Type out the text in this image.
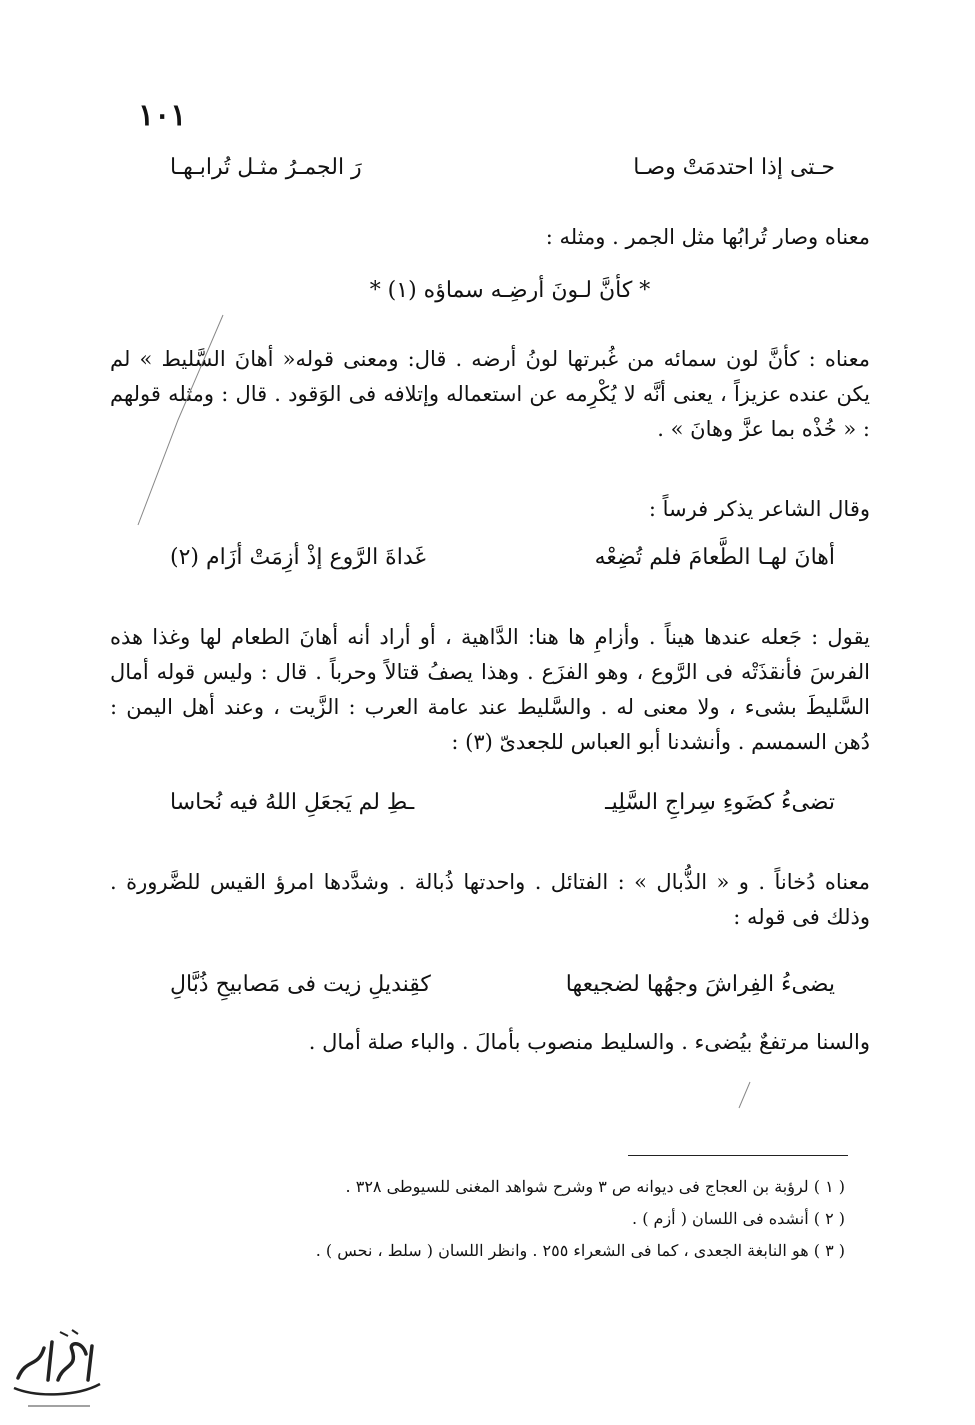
١٠١
حـتى إذا احتدمَتْ وصـا
رَ الجمـرُ مثـل تُرابـهـا
معناه وصار تُرابُها مثل الجمر . ومثله :
* كأنَّ لـونَ أرضِـه سماؤه (١) *
معناه : كأنَّ لون سمائه من غُبرتها لونُ أرضه . قال: ومعنى قوله« أهانَ السَّليط » لم يكن عنده عزيزاً ، يعنى أنَّه لا يُكْرِمه عن استعماله وإتلافه فى الوَقود . قال : ومثله قولهم : « خُذْه بما عزَّ وهانَ » .
وقال الشاعر يذكر فرساً :
أهانَ لهـا الطَّعامَ فلم تُضِعْه
غَداةَ الرَّوع إذْ أزِمَتْ أزَام (٢)
يقول : جَعله عندها هيناً . وأزامِ ها هنا: الدَّاهية ، أو أراد أنه أهانَ الطعام لها وغذا هذه الفرسَ فأنقذَتْه فى الرَّوع ، وهو الفزَع . وهذا يصفُ قتالاً وحرباً . قال : وليس قوله أمال السَّليطَ بشىء ، ولا معنى له . والسَّليط عند عامة العرب : الزَّيت ، وعند أهل اليمن : دُهن السمسم . وأنشدنا أبو العباس للجعدىّ (٣) :
تضىءُ كضَوءِ سِراجِ السَّلِيـ
ـطِ لم يَجعَلِ اللهُ فيه نُحاسا
معناه دُخاناً . و « الذُّبال » : الفتائل . واحدتها ذُبالة . وشدَّدها امرؤ القيس للضَّرورة . وذلك فى قوله :
يضىءُ الفِراشَ وجهُها لضجيعها
كقِنديلِ زيت فى مَصابيحِ ذُبَّالِ
والسنا مرتفعٌ بيُضىء . والسليط منصوب بأمالَ . والباء صلة أمال .
( ١ ) لرؤبة بن العجاج فى ديوانه ص ٣ وشرح شواهد المغنى للسيوطى ٣٢٨ .
( ٢ ) أنشده فى اللسان ( أزم ) .
( ٣ ) هو النابغة الجعدى ، كما فى الشعراء ٢٥٥ . وانظر اللسان ( سلط ، نحس ) .
